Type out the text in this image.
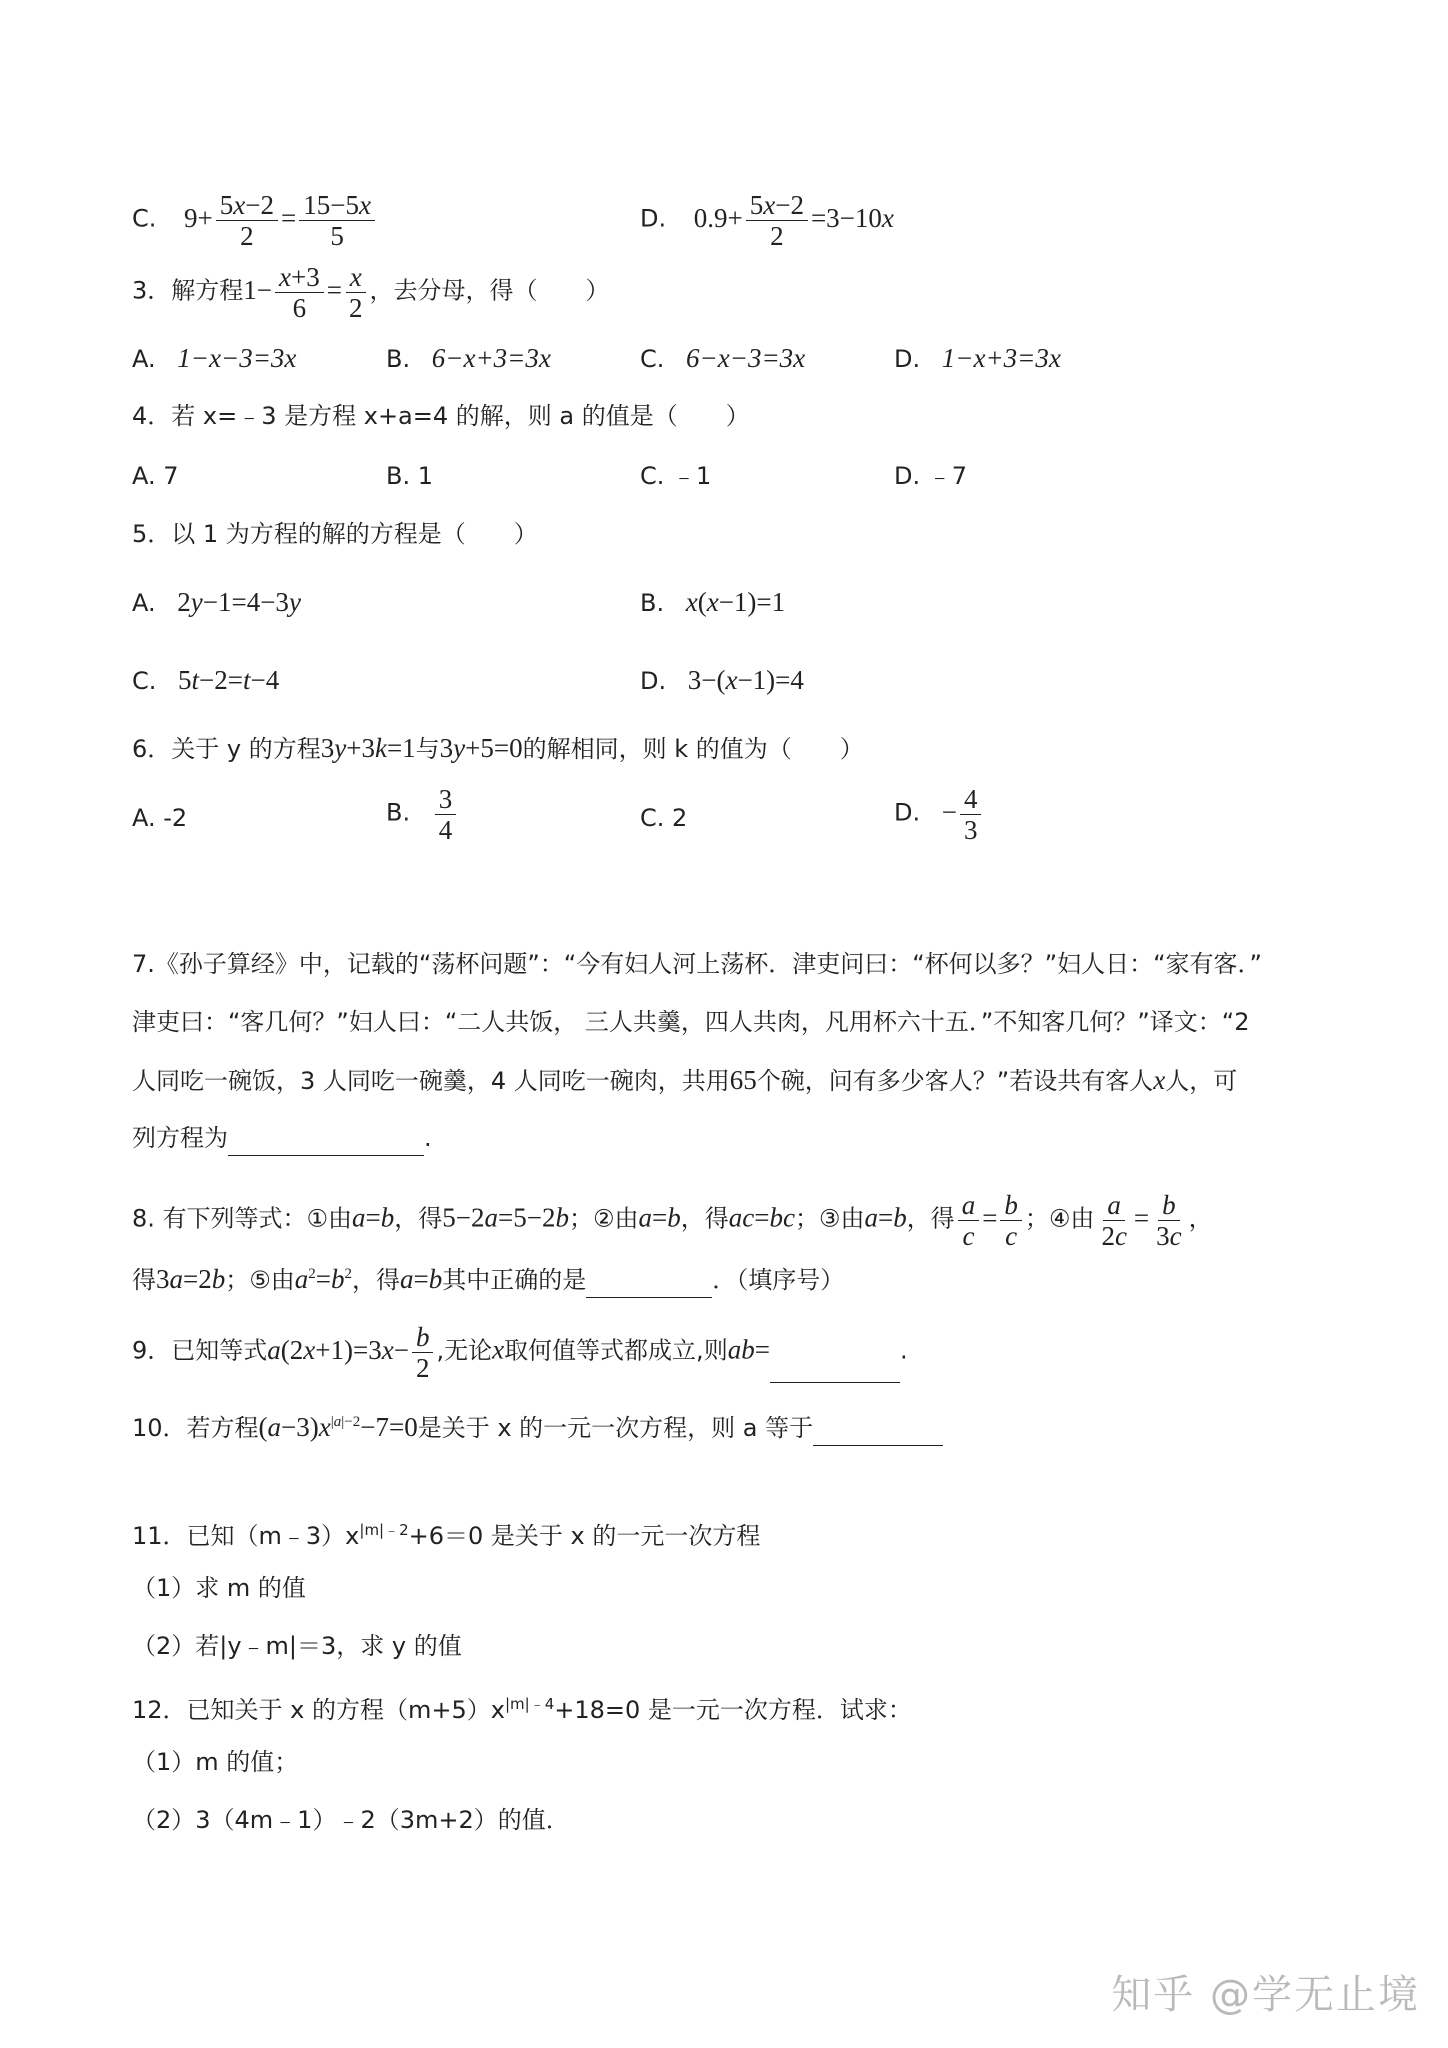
C. $9+ \frac{5x-2}{2} = \frac{15-5x}{5}$	D. $0.9+ \frac{5x-2}{2} =3-10x$
3．解方程$1- \frac{x+3}{6} = \frac{x}{2}$ ，去分母，得（　　）
A. 1−x−3=3x	B. 6−x+3=3x	C. 6−x−3=3x	D. 1−x+3=3x
4．若 x=﹣3 是方程 x+a=4 的解，则 a 的值是（　　）
A. 7	B. 1	C. ﹣1	D. ﹣7
5．以 1 为方程的解的方程是（　　）
A. 2y−1=4−3y	B. x(x−1)=1
C. 5t−2=t−4	D. 3−(x−1)=4
6．关于 y 的方程3y+3k=1与3y+5=0的解相同，则 k 的值为（　　）
A. -2	B. $\frac{3}{4}$	C. 2	D. − $\frac{4}{3}$
7.《孙子算经》中，记载的“荡杯问题”：“今有妇人河上荡杯．津吏问曰：“杯何以多？”妇人日：“家有客．”
津吏曰：“客几何？”妇人曰：“二人共饭， 三人共羹，四人共肉，凡用杯六十五．”不知客几何？”译文：“2
人同吃一碗饭，3 人同吃一碗羹，4 人同吃一碗肉，共用65个碗，问有多少客人？”若设共有客人x人，可
列方程为	.
8. 有下列等式：①由a=b，得5−2a=5−2b；②由a=b，得ac=bc；③由a=b，得 $\frac{a}{c} = \frac{b}{c}$ ；④由 $\frac{a}{2c} = \frac{b}{3c}$ ，
得3a=2b；⑤由$a^2=b^2$，得a=b其中正确的是	．（填序号）
9．已知等式$a(2x+1)=3x- \frac{b}{2}$ ,无论x取何值等式都成立,则ab=	.
10．若方程$(a-3)x^{|a|-2}-7=0$是关于 x 的一元一次方程，则 a 等于
11．已知$(m﹣3)x^{|m|﹣2}+6=0$ 是关于 x 的一元一次方程
（1）求 m 的值
（2）若|y﹣m|＝3，求 y 的值
12．已知关于 x 的方程$(m+5)x^{|m|﹣4}+18=0$ 是一元一次方程．试求：
（1）m 的值；
（2）3（4m﹣1）﹣2（3m+2）的值．
知乎 @学无止境
